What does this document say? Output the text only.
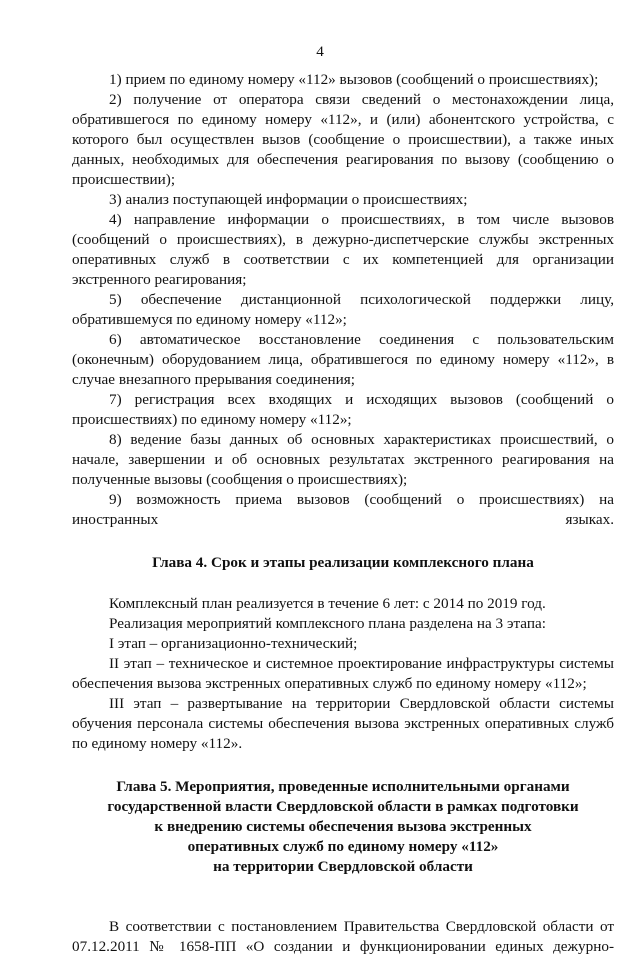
4

1) прием по единому номеру «112» вызовов (сообщений о происшествиях);

2) получение от оператора связи сведений о местонахождении лица, обратившегося по единому номеру «112», и (или) абонентского устройства, с которого был осуществлен вызов (сообщение о происшествии), а также иных данных, необходимых для обеспечения реагирования по вызову (сообщению о происшествии);

3) анализ поступающей информации о происшествиях;

4) направление информации о происшествиях, в том числе вызовов (сообщений о происшествиях), в дежурно-диспетчерские службы экстренных оперативных служб в соответствии с их компетенцией для организации экстренного реагирования;

5) обеспечение дистанционной психологической поддержки лицу, обратившемуся по единому номеру «112»;

6) автоматическое восстановление соединения с пользовательским (оконечным) оборудованием лица, обратившегося по единому номеру «112», в случае внезапного прерывания соединения;

7) регистрация всех входящих и исходящих вызовов (сообщений о происшествиях) по единому номеру «112»;

8) ведение базы данных об основных характеристиках происшествий, о начале, завершении и об основных результатах экстренного реагирования на полученные вызовы (сообщения о происшествиях);

9) возможность приема вызовов (сообщений о происшествиях) на иностранных языках.

Глава 4. Срок и этапы реализации комплексного плана

Комплексный план реализуется в течение 6 лет: с 2014 по 2019 год.

Реализация мероприятий комплексного плана разделена на 3 этапа:

I этап – организационно-технический;

II этап – техническое и системное проектирование инфраструктуры системы обеспечения вызова экстренных оперативных служб по единому номеру «112»;

III этап – развертывание на территории Свердловской области системы обучения персонала системы обеспечения вызова экстренных оперативных служб по единому номеру «112».

Глава 5. Мероприятия, проведенные исполнительными органами

государственной власти Свердловской области в рамках подготовки

к внедрению системы обеспечения вызова экстренных

оперативных служб по единому номеру «112»

на территории Свердловской области

В соответствии с постановлением Правительства Свердловской области от 07.12.2011 № 1658-ПП «О создании и функционировании единых дежурно-
